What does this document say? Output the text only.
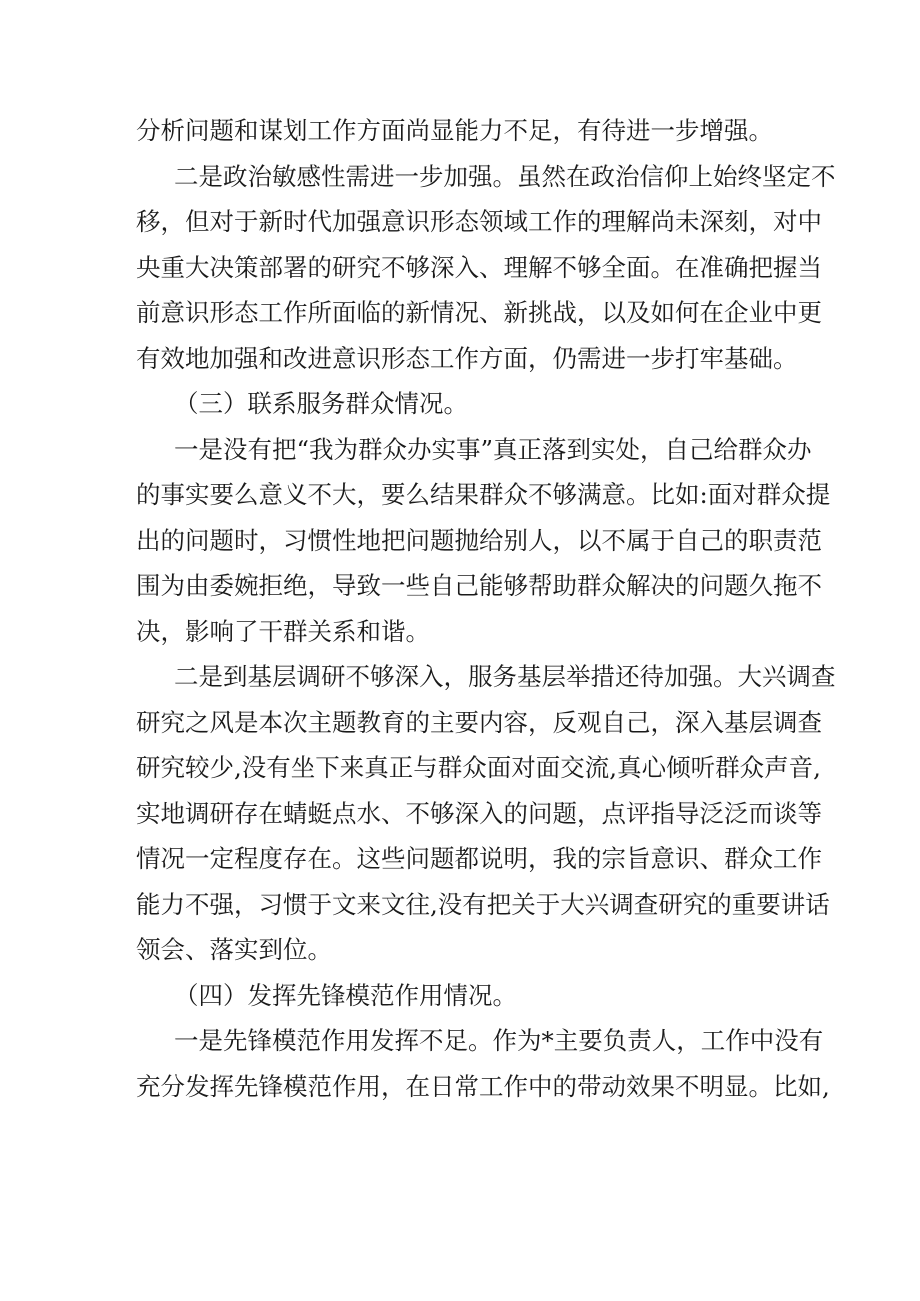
分析问题和谋划工作方面尚显能力不足，有待进一步增强。
二是政治敏感性需进一步加强。虽然在政治信仰上始终坚定不
移，但对于新时代加强意识形态领域工作的理解尚未深刻，对中
央重大决策部署的研究不够深入、理解不够全面。在准确把握当
前意识形态工作所面临的新情况、新挑战，以及如何在企业中更
有效地加强和改进意识形态工作方面，仍需进一步打牢基础。
（三）联系服务群众情况。
一是没有把“我为群众办实事”真正落到实处，自己给群众办
的事实要么意义不大，要么结果群众不够满意。比如:面对群众提
出的问题时，习惯性地把问题抛给别人，以不属于自己的职责范
围为由委婉拒绝，导致一些自己能够帮助群众解决的问题久拖不
决，影响了干群关系和谐。
二是到基层调研不够深入，服务基层举措还待加强。大兴调查
研究之风是本次主题教育的主要内容，反观自己，深入基层调查
研究较少,没有坐下来真正与群众面对面交流,真心倾听群众声音,
实地调研存在蜻蜓点水、不够深入的问题，点评指导泛泛而谈等
情况一定程度存在。这些问题都说明，我的宗旨意识、群众工作
能力不强，习惯于文来文往,没有把关于大兴调查研究的重要讲话
领会、落实到位。
（四）发挥先锋模范作用情况。
一是先锋模范作用发挥不足。作为*主要负责人，工作中没有
充分发挥先锋模范作用，在日常工作中的带动效果不明显。比如,
